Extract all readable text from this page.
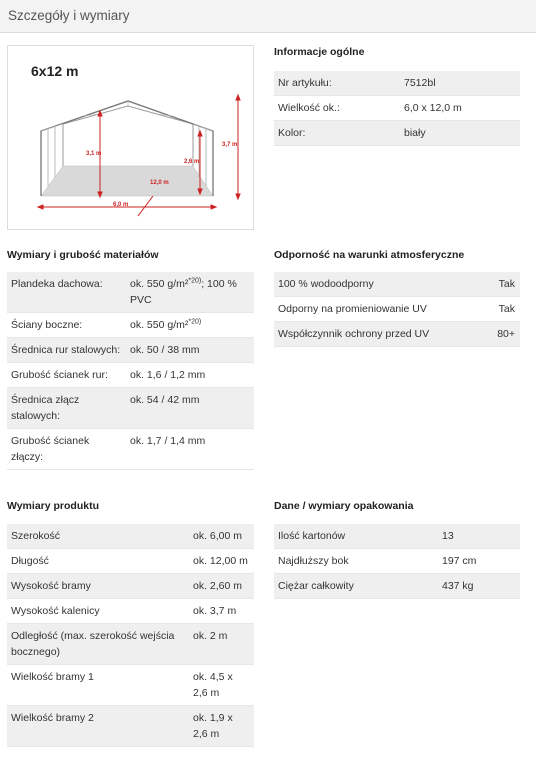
Szczegóły i wymiary
6x12 m
3,1 m
2,6 m
3,7 m
12,0 m
6,0 m
Informacje ogólne
Nr artykułu:	7512bl
Wielkość ok.:	6,0 x 12,0 m
Kolor:	biały
Wymiary i grubość materiałów
Plandeka dachowa:	ok. 550 g/m²$^{*20)}$; 100 % PVC
Ściany boczne:	ok. 550 g/m²$^{*20)}$
Średnica rur stalowych:	ok. 50 / 38 mm
Grubość ścianek rur:	ok. 1,6 / 1,2 mm
Średnica złącz stalowych:	ok. 54 / 42 mm
Grubość ścianek złączy:	ok. 1,7 / 1,4 mm
Odporność na warunki atmosferyczne
100 % wodoodporny	Tak
Odporny na promieniowanie UV	Tak
Współczynnik ochrony przed UV	80+
Wymiary produktu
Szerokość	ok. 6,00 m
Długość	ok. 12,00 m
Wysokość bramy	ok. 2,60 m
Wysokość kalenicy	ok. 3,7 m
Odległość (max. szerokość wejścia bocznego)	ok. 2 m
Wielkość bramy 1	ok. 4,5 x 2,6 m
Wielkość bramy 2	ok. 1,9 x 2,6 m
Dane / wymiary opakowania
Ilość kartonów	13
Najdłuższy bok	197 cm
Ciężar całkowity	437 kg
